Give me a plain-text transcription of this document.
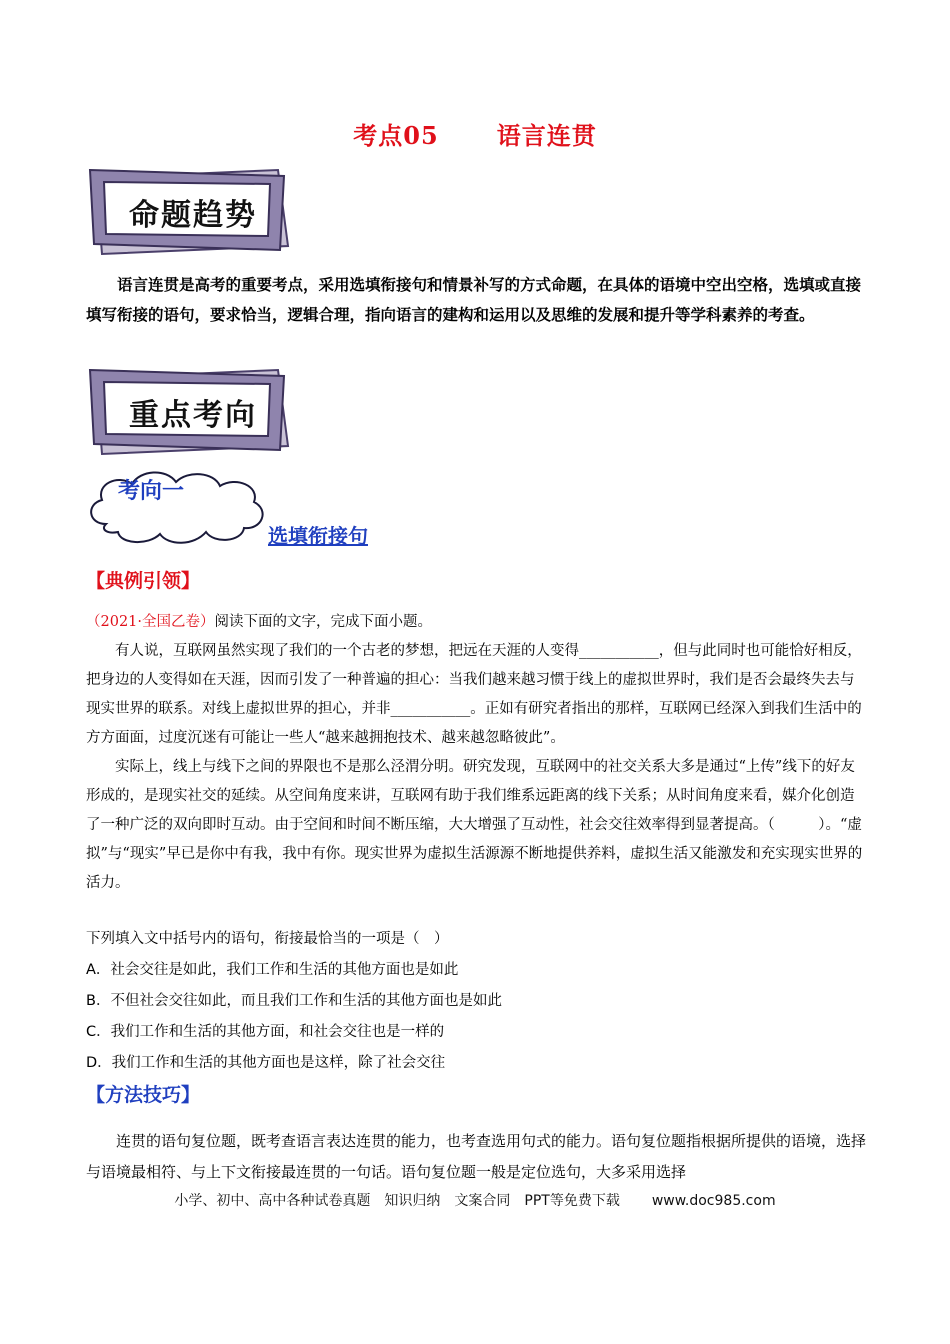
考点05 语言连贯
命题趋势
语言连贯是高考的重要考点，采用选填衔接句和情景补写的方式命题，在具体的语境中空出空格，选填或直接填写衔接的语句，要求恰当，逻辑合理，指向语言的建构和运用以及思维的发展和提升等学科素养的考查。
重点考向
考向一
选填衔接句
【典例引领】

（2021·全国乙卷）阅读下面的文字，完成下面小题。

有人说，互联网虽然实现了我们的一个古老的梦想，把远在天涯的人变得___________，但与此同时也可能恰好相反，把身边的人变得如在天涯，因而引发了一种普遍的担心：当我们越来越习惯于线上的虚拟世界时，我们是否会最终失去与现实世界的联系。对线上虚拟世界的担心，并非___________。正如有研究者指出的那样，互联网已经深入到我们生活中的方方面面，过度沉迷有可能让一些人“越来越拥抱技术、越来越忽略彼此”。

实际上，线上与线下之间的界限也不是那么泾渭分明。研究发现，互联网中的社交关系大多是通过“上传”线下的好友形成的，是现实社交的延续。从空间角度来讲，互联网有助于我们维系远距离的线下关系；从时间角度来看，媒介化创造了一种广泛的双向即时互动。由于空间和时间不断压缩，大大增强了互动性，社会交往效率得到显著提高。（　　　）。“虚拟”与“现实”早已是你中有我，我中有你。现实世界为虚拟生活源源不断地提供养料，虚拟生活又能激发和充实现实世界的活力。

下列填入文中括号内的语句，衔接最恰当的一项是（　）
A．社会交往是如此，我们工作和生活的其他方面也是如此
B．不但社会交往如此，而且我们工作和生活的其他方面也是如此
C．我们工作和生活的其他方面，和社会交往也是一样的
D．我们工作和生活的其他方面也是这样，除了社会交往
【方法技巧】
连贯的语句复位题，既考查语言表达连贯的能力，也考查选用句式的能力。语句复位题指根据所提供的语境，选择与语境最相符、与上下文衔接最连贯的一句话。语句复位题一般是定位选句，大多采用选择
小学、初中、高中各种试卷真题 知识归纳 文案合同 PPT等免费下载 www.doc985.com
